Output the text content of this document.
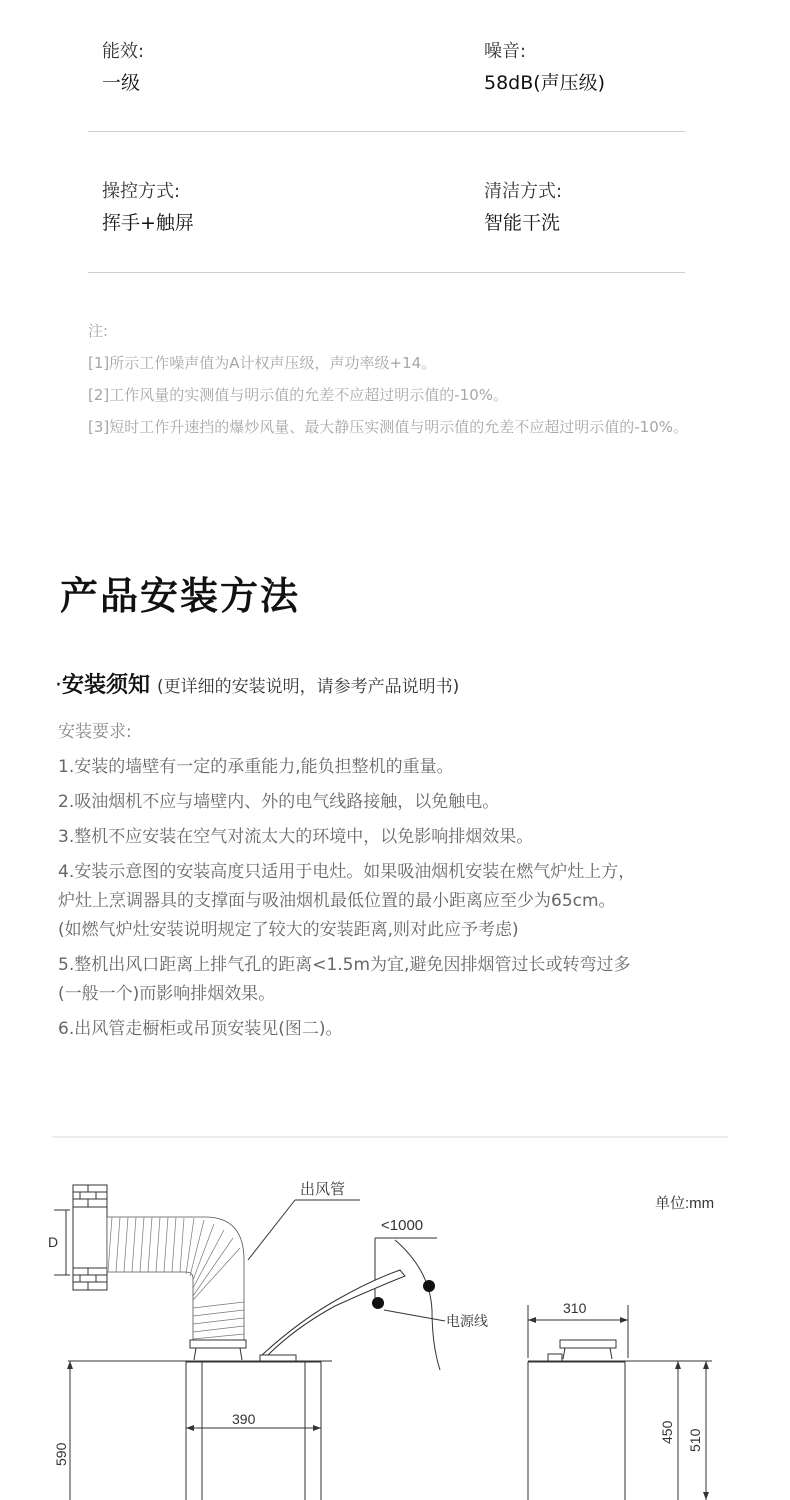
能效:
一级
噪音:
58dB(声压级)
操控方式:
挥手+触屏
清洁方式:
智能干洗

注:

[1]所示工作噪声值为A计权声压级，声功率级+14。

[2]工作风量的实测值与明示值的允差不应超过明示值的-10%。

[3]短时工作升速挡的爆炒风量、最大静压实测值与明示值的允差不应超过明示值的-10%。

产品安装方法
·安装须知 (更详细的安装说明，请参考产品说明书)
安装要求:

1.安装的墙壁有一定的承重能力,能负担整机的重量。

2.吸油烟机不应与墙壁内、外的电气线路接触，以免触电。

3.整机不应安装在空气对流太大的环境中，以免影响排烟效果。

4.安装示意图的安装高度只适用于电灶。如果吸油烟机安装在燃气炉灶上方，
炉灶上烹调器具的支撑面与吸油烟机最低位置的最小距离应至少为65cm。
(如燃气炉灶安装说明规定了较大的安装距离,则对此应予考虑)

5.整机出风口距离上排气孔的距离<1.5m为宜,避免因排烟管过长或转弯过多
(一般一个)而影响排烟效果。

6.出风管走橱柜或吊顶安装见(图二)。

D
出风管
单位:mm
<1000
电源线
390
590
310
450 510
